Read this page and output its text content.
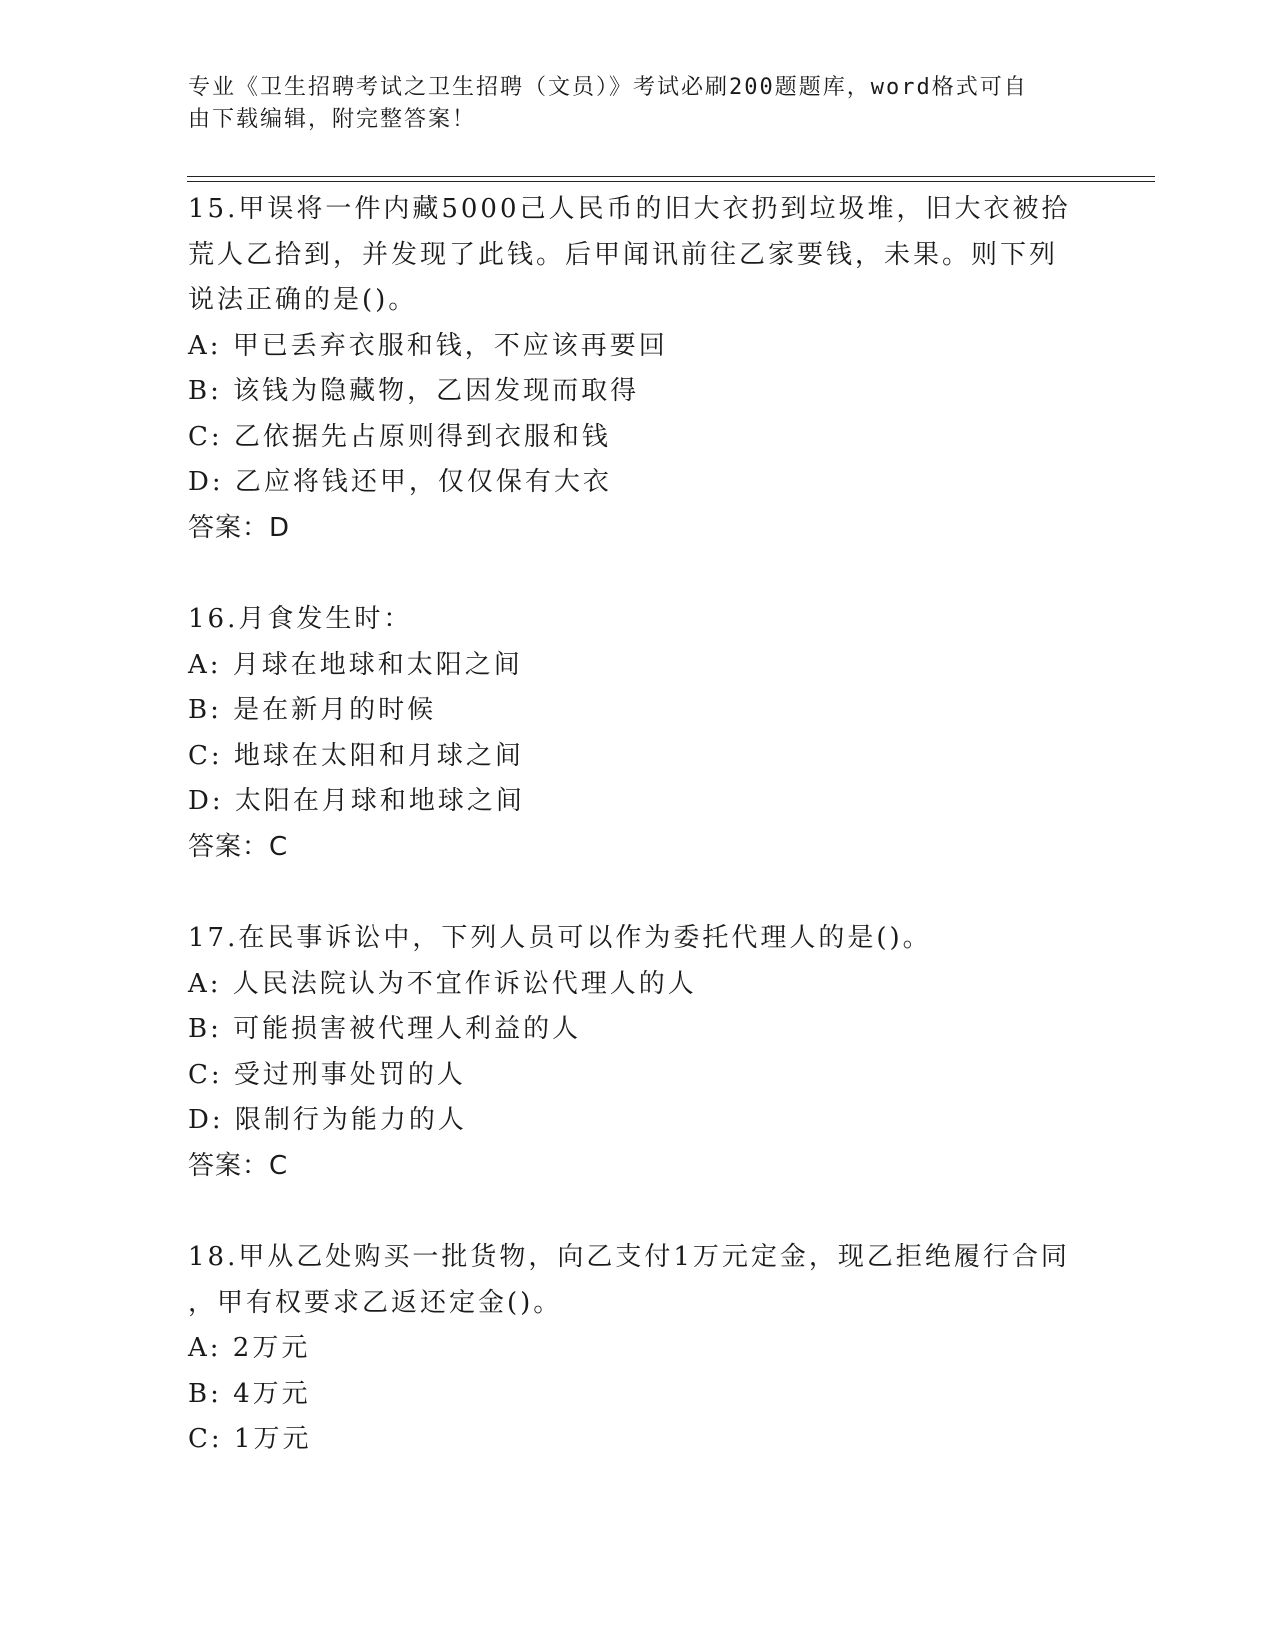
专业《卫生招聘考试之卫生招聘（文员）》考试必刷200题题库，word格式可自
由下载编辑，附完整答案！
15.甲误将一件内藏5000己人民币的旧大衣扔到垃圾堆，旧大衣被拾
荒人乙拾到，并发现了此钱。后甲闻讯前往乙家要钱，未果。则下列
说法正确的是()。
A: 甲已丢弃衣服和钱，不应该再要回
B: 该钱为隐藏物，乙因发现而取得
C: 乙依据先占原则得到衣服和钱
D: 乙应将钱还甲，仅仅保有大衣
答案：D
16.月食发生时：
A: 月球在地球和太阳之间
B: 是在新月的时候
C: 地球在太阳和月球之间
D: 太阳在月球和地球之间
答案：C
17.在民事诉讼中，下列人员可以作为委托代理人的是()。
A: 人民法院认为不宜作诉讼代理人的人
B: 可能损害被代理人利益的人
C: 受过刑事处罚的人
D: 限制行为能力的人
答案：C
18.甲从乙处购买一批货物，向乙支付1万元定金，现乙拒绝履行合同
，甲有权要求乙返还定金()。
A: 2万元
B: 4万元
C: 1万元
